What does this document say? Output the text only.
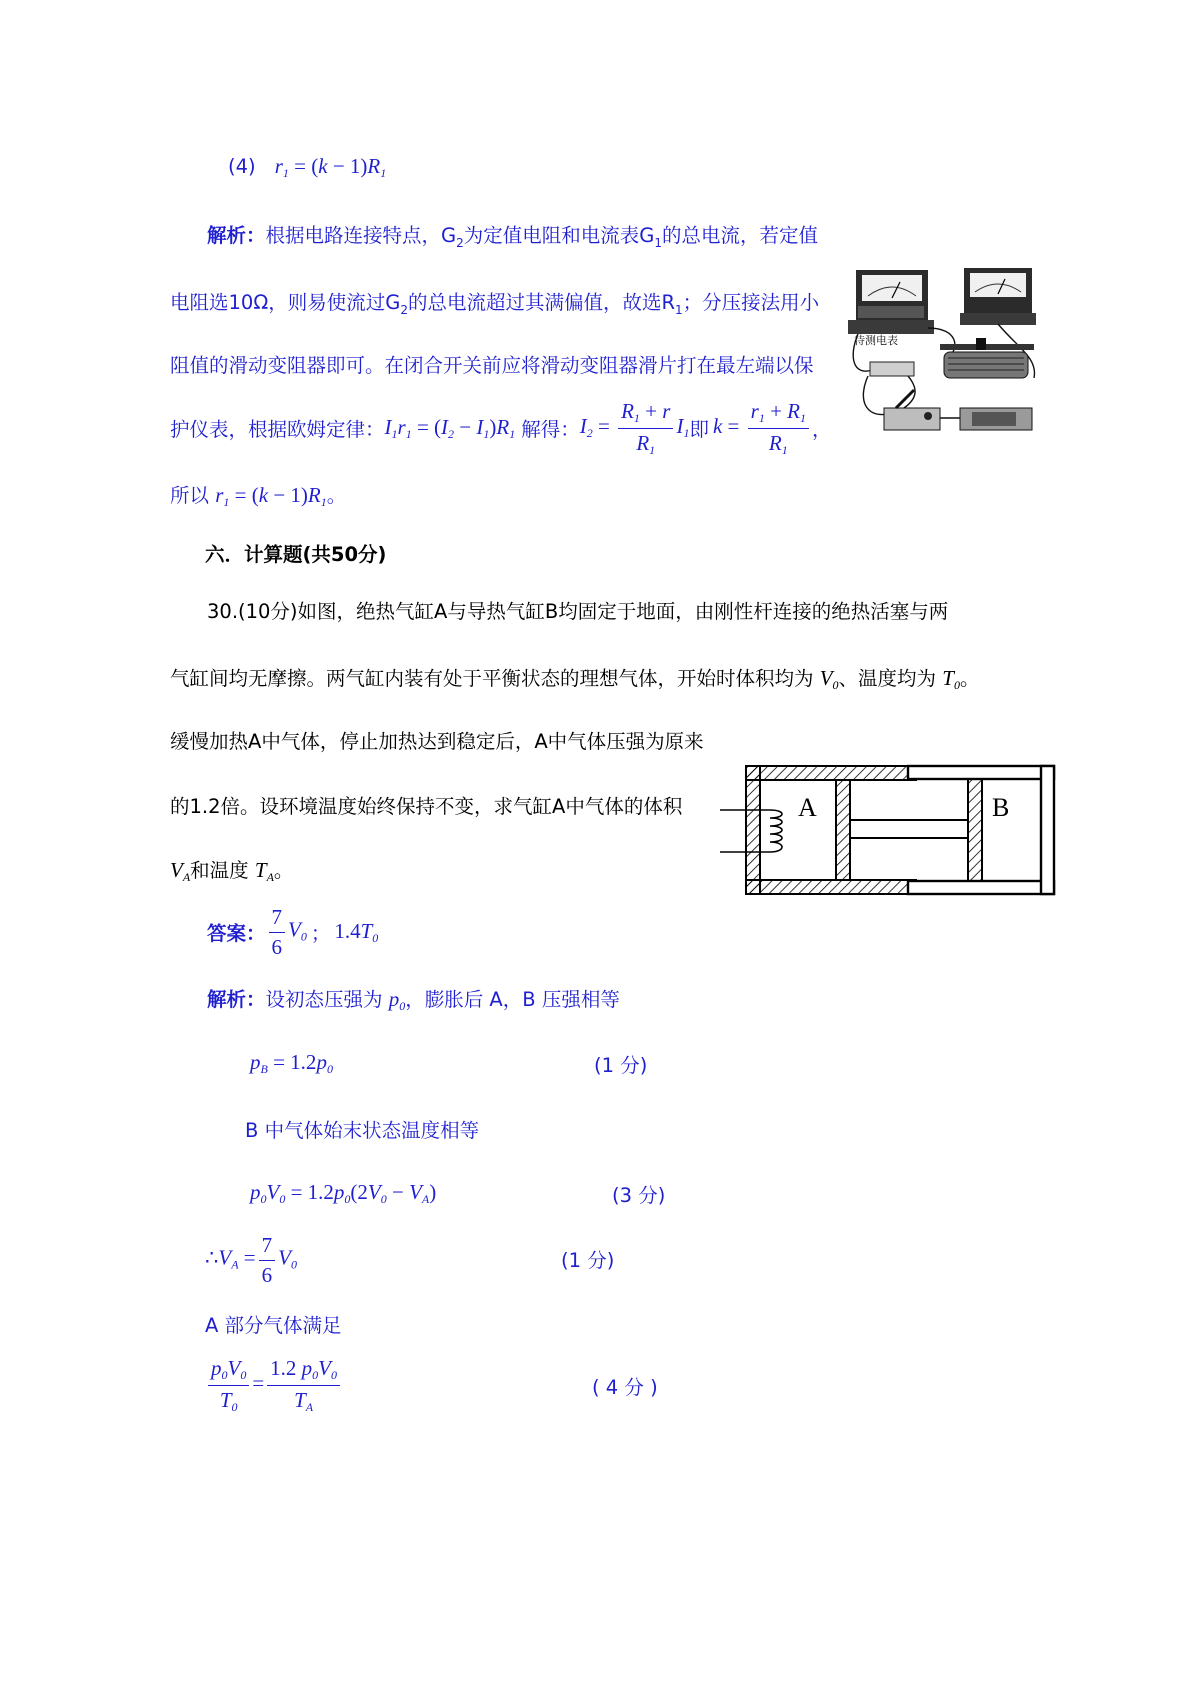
(4) $r_1 = (k - 1)R_1$
解析：根据电路连接特点，$G_2$为定值电阻和电流表$G_1$的总电流，若定值
电阻选10Ω，则易使流过$G_2$的总电流超过其满偏值，故选$R_1$；分压接法用小
阻值的滑动变阻器即可。在闭合开关前应将滑动变阻器滑片打在最左端以保
护仪表，根据欧姆定律： $I_1r_1 = (I_2 - I_1)R_1$ 解得： $I_2 = \frac{R_1 + r}{R_1} I_1$ 即 $k = \frac{r_1 + R_1}{R_1}$ ，
所以 $r_1 = (k - 1)R_1$。
待测电表
六．计算题(共50分)
30.(10分)如图，绝热气缸A与导热气缸B均固定于地面，由刚性杆连接的绝热活塞与两
气缸间均无摩擦。两气缸内装有处于平衡状态的理想气体，开始时体积均为 $V_0$、温度均为 $T_0$。
缓慢加热A中气体，停止加热达到稳定后，A中气体压强为原来
的1.2倍。设环境温度始终保持不变，求气缸A中气体的体积
$V_A$和温度 $T_A$。
A	B
答案： $\frac{7}{6} V_0$ ； $1.4T_0$
解析：设初态压强为 $p_0$，膨胀后 A，B 压强相等
$p_B = 1.2p_0$	(1 分)
B 中气体始末状态温度相等
$p_0V_0 = 1.2p_0(2V_0 - V_A)$	(3 分)
$\therefore V_A = \frac{7}{6} V_0$	(1 分)
A 部分气体满足
$\frac{p_0V_0}{T_0} = \frac{1.2 p_0V_0}{T_A}$	( 4 分 )
